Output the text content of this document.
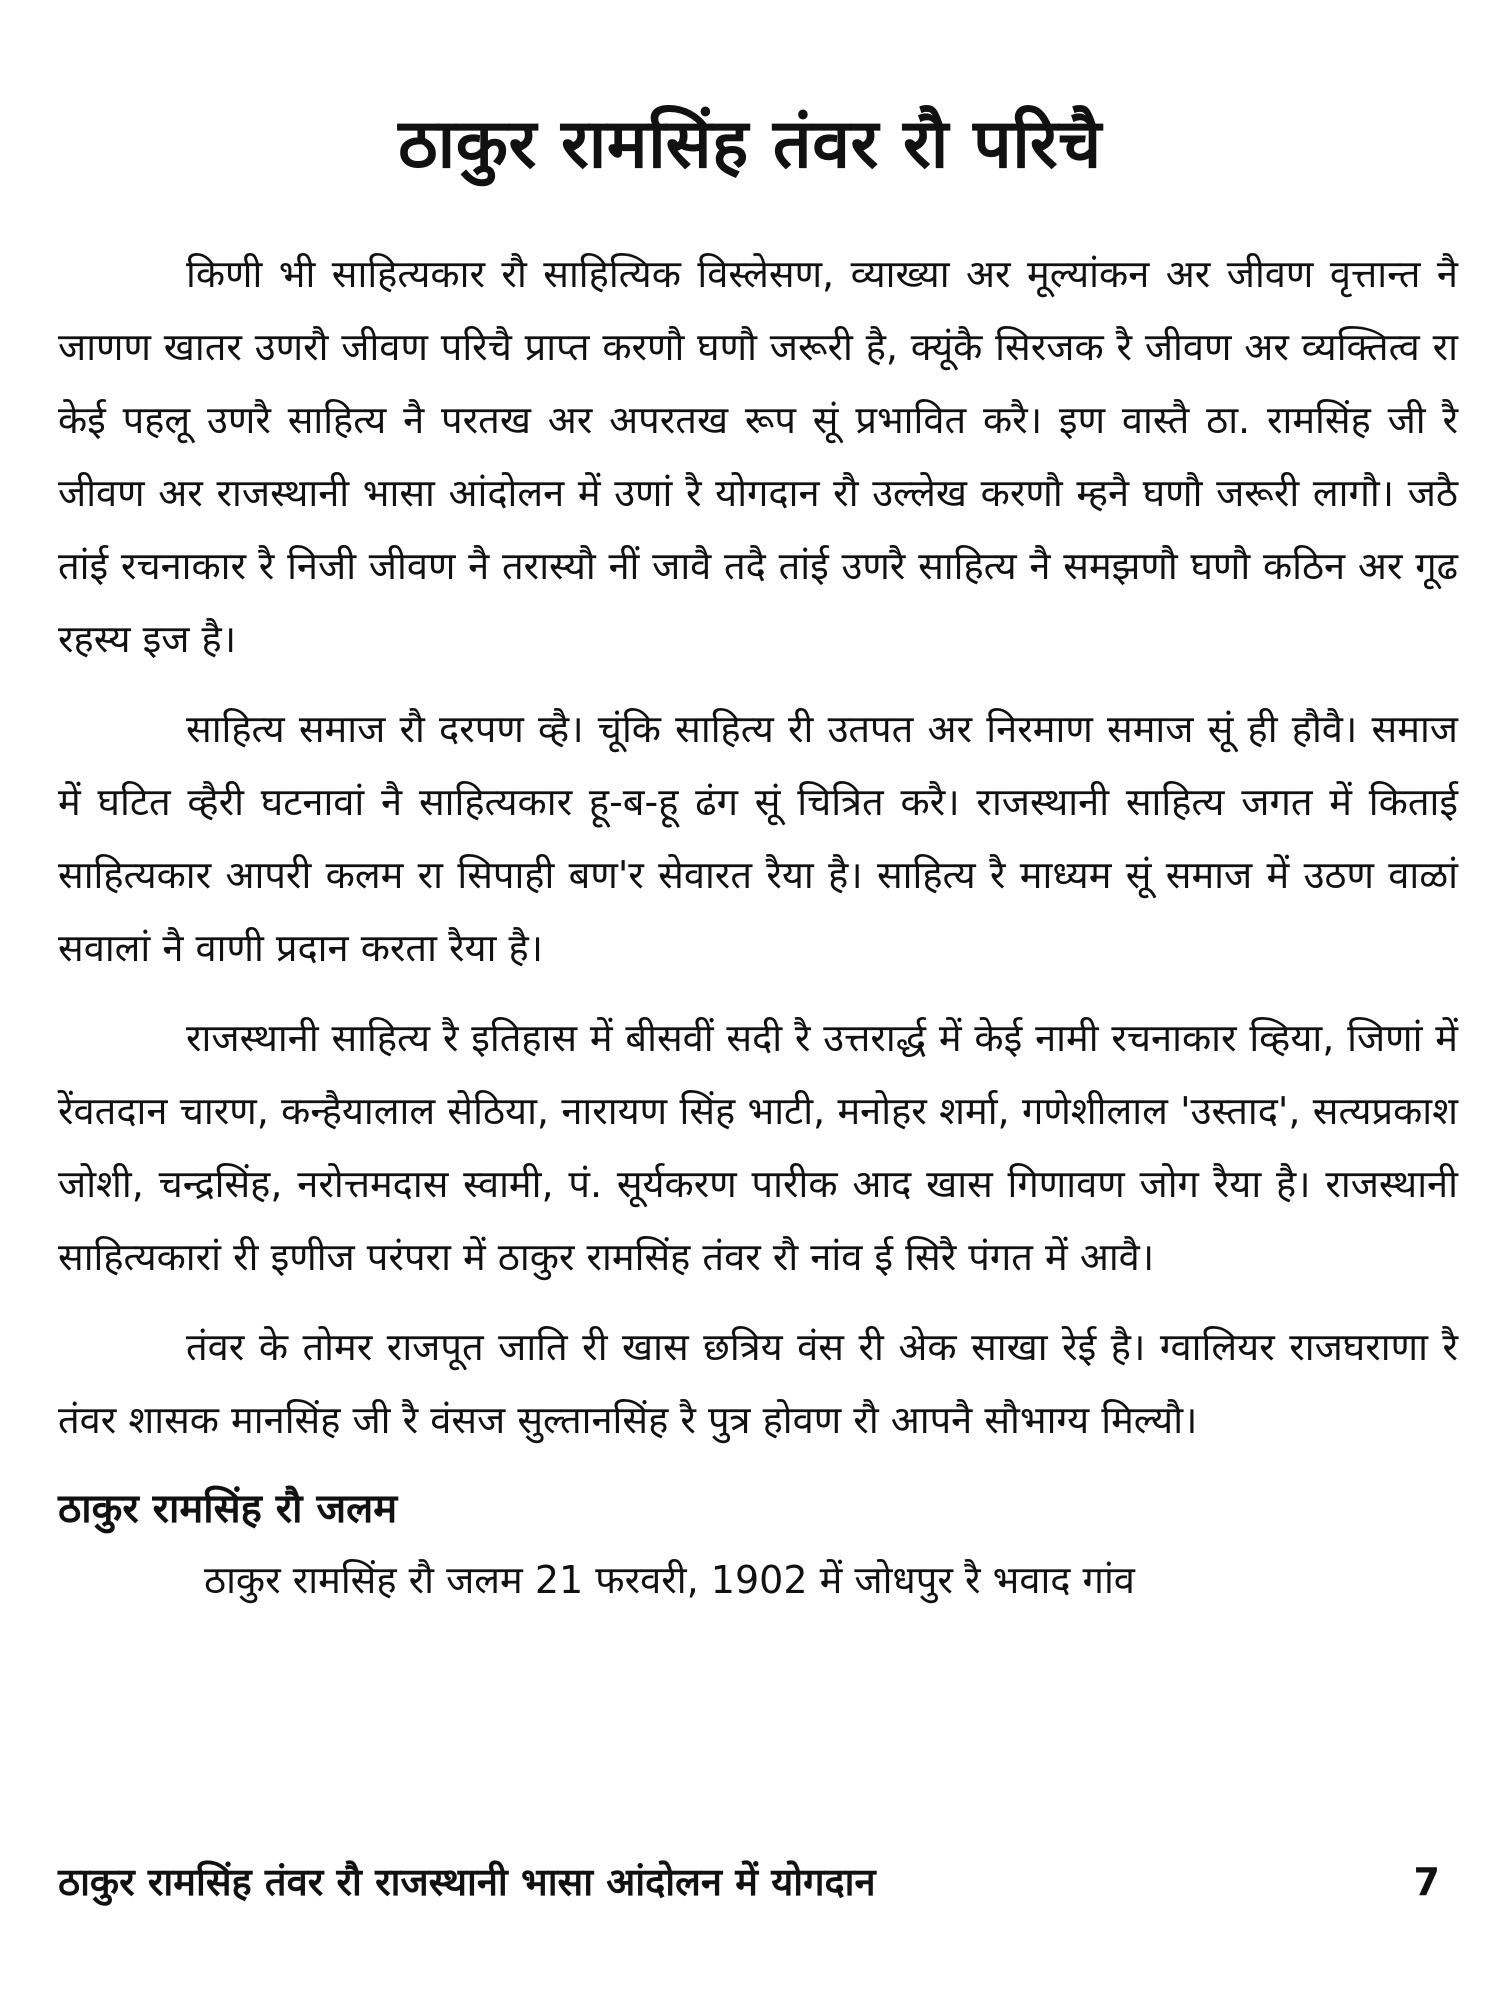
ठाकुर रामसिंह तंवर रौ परिचै

किणी भी साहित्यकार रौ साहित्यिक विस्लेसण, व्याख्या अर मूल्यांकन अर जीवण वृत्तान्त नै जाणण खातर उणरौ जीवण परिचै प्राप्त करणौ घणौ जरूरी है, क्यूंकै सिरजक रै जीवण अर व्यक्तित्व रा केई पहलू उणरै साहित्य नै परतख अर अपरतख रूप सूं प्रभावित करै। इण वास्तै ठा. रामसिंह जी रै जीवण अर राजस्थानी भासा आंदोलन में उणां रै योगदान रौ उल्लेख करणौ म्हनै घणौ जरूरी लागौ। जठै तांई रचनाकार रै निजी जीवण नै तरास्यौ नीं जावै तदै तांई उणरै साहित्य नै समझणौ घणौ कठिन अर गूढ रहस्य इज है।

साहित्य समाज रौ दरपण व्है। चूंकि साहित्य री उतपत अर निरमाण समाज सूं ही हौवै। समाज में घटित व्हैरी घटनावां नै साहित्यकार हू-ब-हू ढंग सूं चित्रित करै। राजस्थानी साहित्य जगत में किताई साहित्यकार आपरी कलम रा सिपाही बण'र सेवारत रैया है। साहित्य रै माध्यम सूं समाज में उठण वाळां सवालां नै वाणी प्रदान करता रैया है।

राजस्थानी साहित्य रै इतिहास में बीसवीं सदी रै उत्तरार्द्ध में केई नामी रचनाकार व्हिया, जिणां में रेंवतदान चारण, कन्हैयालाल सेठिया, नारायण सिंह भाटी, मनोहर शर्मा, गणेशीलाल 'उस्ताद', सत्यप्रकाश जोशी, चन्द्रसिंह, नरोत्तमदास स्वामी, पं. सूर्यकरण पारीक आद खास गिणावण जोग रैया है। राजस्थानी साहित्यकारां री इणीज परंपरा में ठाकुर रामसिंह तंवर रौ नांव ई सिरै पंगत में आवै।

तंवर के तोमर राजपूत जाति री खास छत्रिय वंस री अेक साखा रेई है। ग्वालियर राजघराणा रै तंवर शासक मानसिंह जी रै वंसज सुल्तानसिंह रै पुत्र होवण रौ आपनै सौभाग्य मिल्यौ।

ठाकुर रामसिंह रौ जलम

ठाकुर रामसिंह रौ जलम 21 फरवरी, 1902 में जोधपुर रै भवाद गांव

ठाकुर रामसिंह तंवर रौ राजस्थानी भासा आंदोलन में योगदान	7
